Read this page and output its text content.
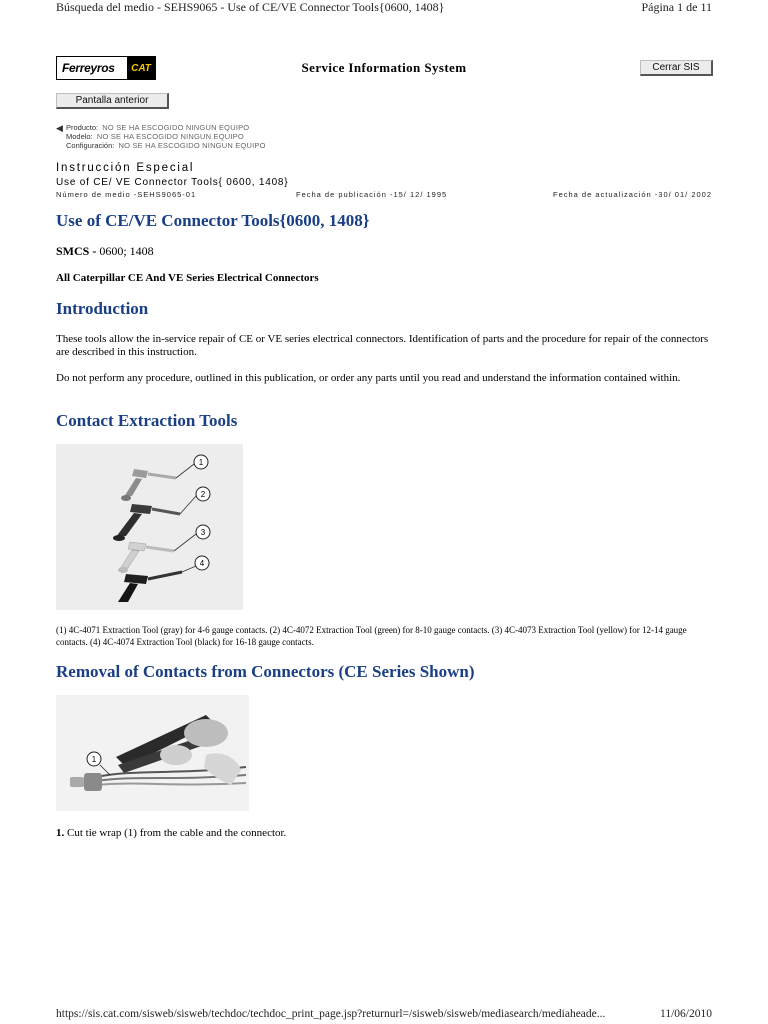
Búsqueda del medio - SEHS9065 - Use of CE/VE Connector Tools{0600, 1408}	Página 1 de 11
Ferreyros	CAT	Service Information System	Cerrar SIS
Pantalla anterior
◀ Producto: NO SE HA ESCOGIDO NINGUN EQUIPO
Modelo: NO SE HA ESCOGIDO NINGUN EQUIPO
Configuración: NO SE HA ESCOGIDO NINGUN EQUIPO
Instrucción Especial
Use of CE/ VE Connector Tools{ 0600, 1408}
Número de medio -SEHS9065-01	Fecha de publicación -15/ 12/ 1995	Fecha de actualización -30/ 01/ 2002
Use of CE/VE Connector Tools{0600, 1408}
SMCS - 0600; 1408
All Caterpillar CE And VE Series Electrical Connectors
Introduction
These tools allow the in-service repair of CE or VE series electrical connectors. Identification of parts and the procedure for repair of the connectors are described in this instruction.
Do not perform any procedure, outlined in this publication, or order any parts until you read and understand the information contained within.
Contact Extraction Tools
1
2
3
4
(1) 4C-4071 Extraction Tool (gray) for 4-6 gauge contacts. (2) 4C-4072 Extraction Tool (green) for 8-10 gauge contacts. (3) 4C-4073 Extraction Tool (yellow) for 12-14 gauge contacts. (4) 4C-4074 Extraction Tool (black) for 16-18 gauge contacts.
Removal of Contacts from Connectors (CE Series Shown)
1
1. Cut tie wrap (1) from the cable and the connector.
https://sis.cat.com/sisweb/sisweb/techdoc/techdoc_print_page.jsp?returnurl=/sisweb/sisweb/mediasearch/mediaheade...	11/06/2010
